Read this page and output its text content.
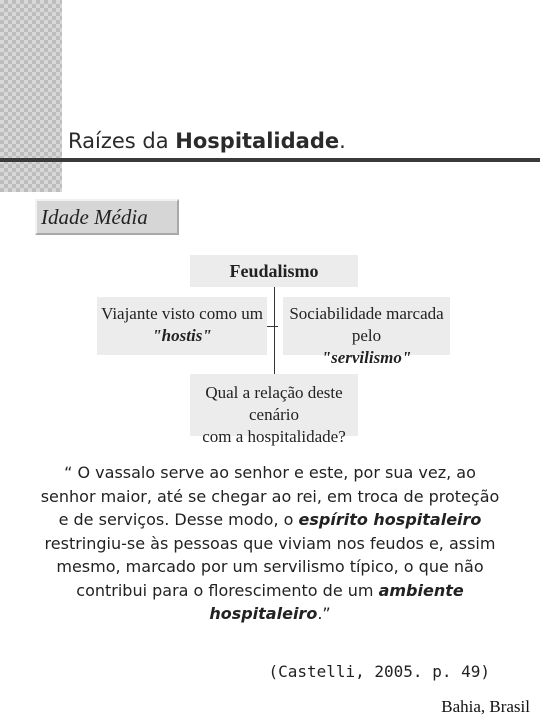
Raízes da Hospitalidade.
Idade Média
Feudalismo
Viajante visto como um
"hostis"
Sociabilidade marcada pelo
"servilismo"
Qual a relação deste cenário
com a hospitalidade?
“ O vassalo serve ao senhor e este, por sua vez, ao senhor maior, até se chegar ao rei, em troca de proteção e de serviços. Desse modo, o espírito hospitaleiro restringiu-se às pessoas que viviam nos feudos e, assim mesmo, marcado por um servilismo típico, o que não contribui para o florescimento de um ambiente hospitaleiro.”
(Castelli, 2005. p. 49)
Bahia, Brasil
